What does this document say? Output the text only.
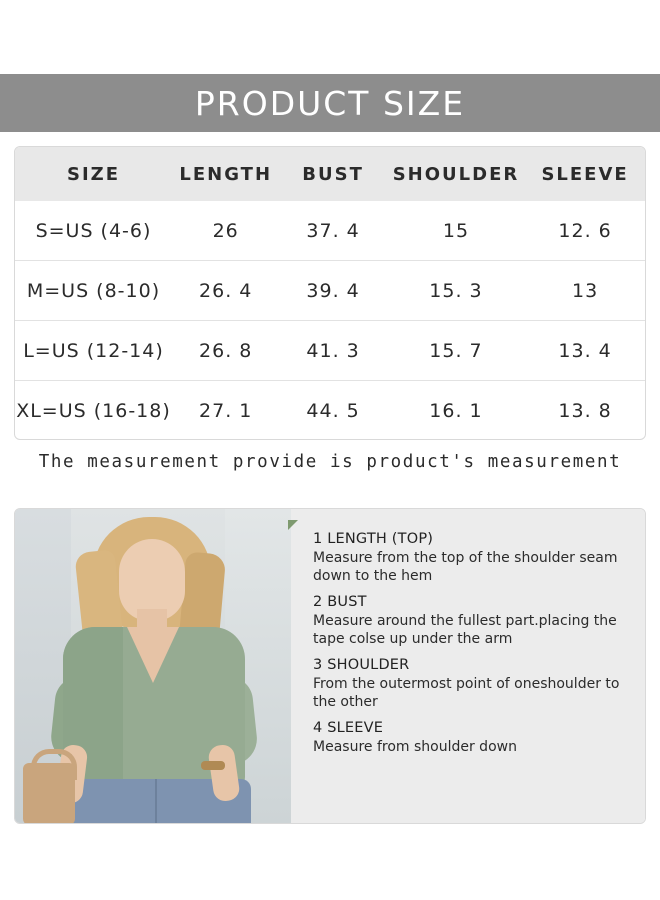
PRODUCT SIZE
SIZE	LENGTH	BUST	SHOULDER	SLEEVE
S=US (4-6)	26	37. 4	15	12. 6
M=US (8-10)	26. 4	39. 4	15. 3	13
L=US (12-14)	26. 8	41. 3	15. 7	13. 4
XL=US (16-18)	27. 1	44. 5	16. 1	13. 8
The measurement provide is product's measurement
1 LENGTH (TOP)
Measure from the top of the shoulder seam down to the hem
2 BUST
Measure around the fullest part.placing the tape colse up under the arm
3 SHOULDER
From the outermost point of oneshoulder to the other
4 SLEEVE
Measure from shoulder down
